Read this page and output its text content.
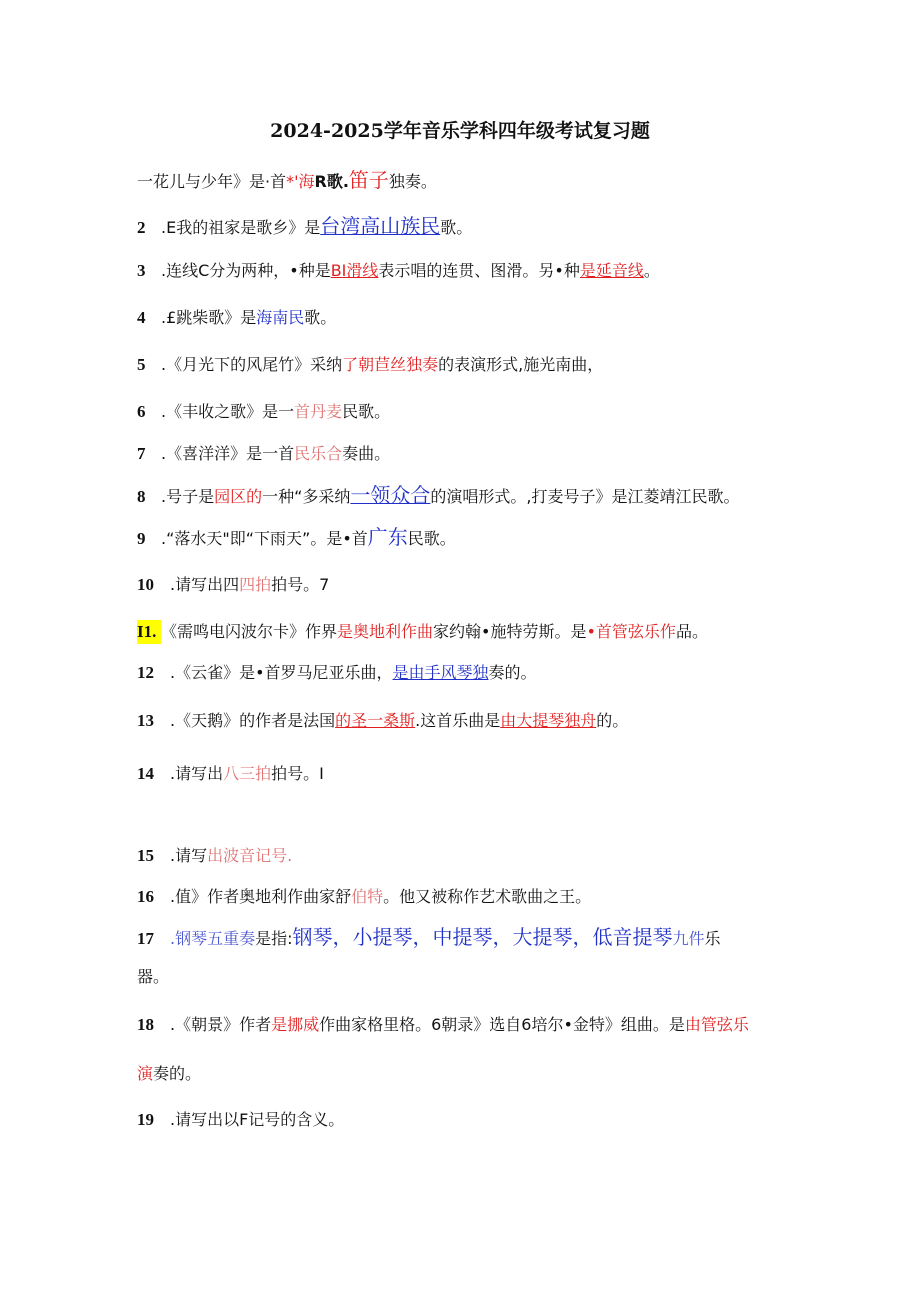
2024-2025学年音乐学科四年级考试复习题
一花儿与少年》是·首*'海R歌.笛子独奏。
2 .E我的祖家是歌乡》是台湾高山族民歌。
3 .连线C分为两种，•种是BI滑线表示唱的连贯、图滑。另•种是延音线。
4 .£跳柴歌》是海南民歌。
5 .《月光下的风尾竹》采纳了朝苣丝独奏的表演形式,施光南曲，
6 .《丰收之歌》是一首丹麦民歌。
7 .《喜洋洋》是一首民乐合奏曲。
8 .号子是园区的一种“多采纳一领众合的演唱形式。,打麦号子》是江菱靖江民歌。
9 .“落水天"即“下雨天”。是•首广东民歌。
10 .请写出四四拍拍号。7
I1. 《需鸣电闪波尔卡》作界是奥地利作曲家约翰•施特劳斯。是•首管弦乐作品。
12 .《云雀》是•首罗马尼亚乐曲，是由手风琴独奏的。
13 .《天鹅》的作者是法国的圣一桑斯.这首乐曲是由大提琴独舟的。
14 .请写出八三拍拍号。I
15 .请写出波音记号.
16 .值》作者奥地利作曲家舒伯特。他又被称作艺术歌曲之王。
17 .钢琴五重奏是指:钢琴，小提琴，中提琴，大提琴，低音提琴九件乐
器。
18 .《朝景》作者是挪威作曲家格里格。6朝录》选自6培尔•金特》组曲。是由管弦乐
演奏的。
19 .请写出以F记号的含义。
